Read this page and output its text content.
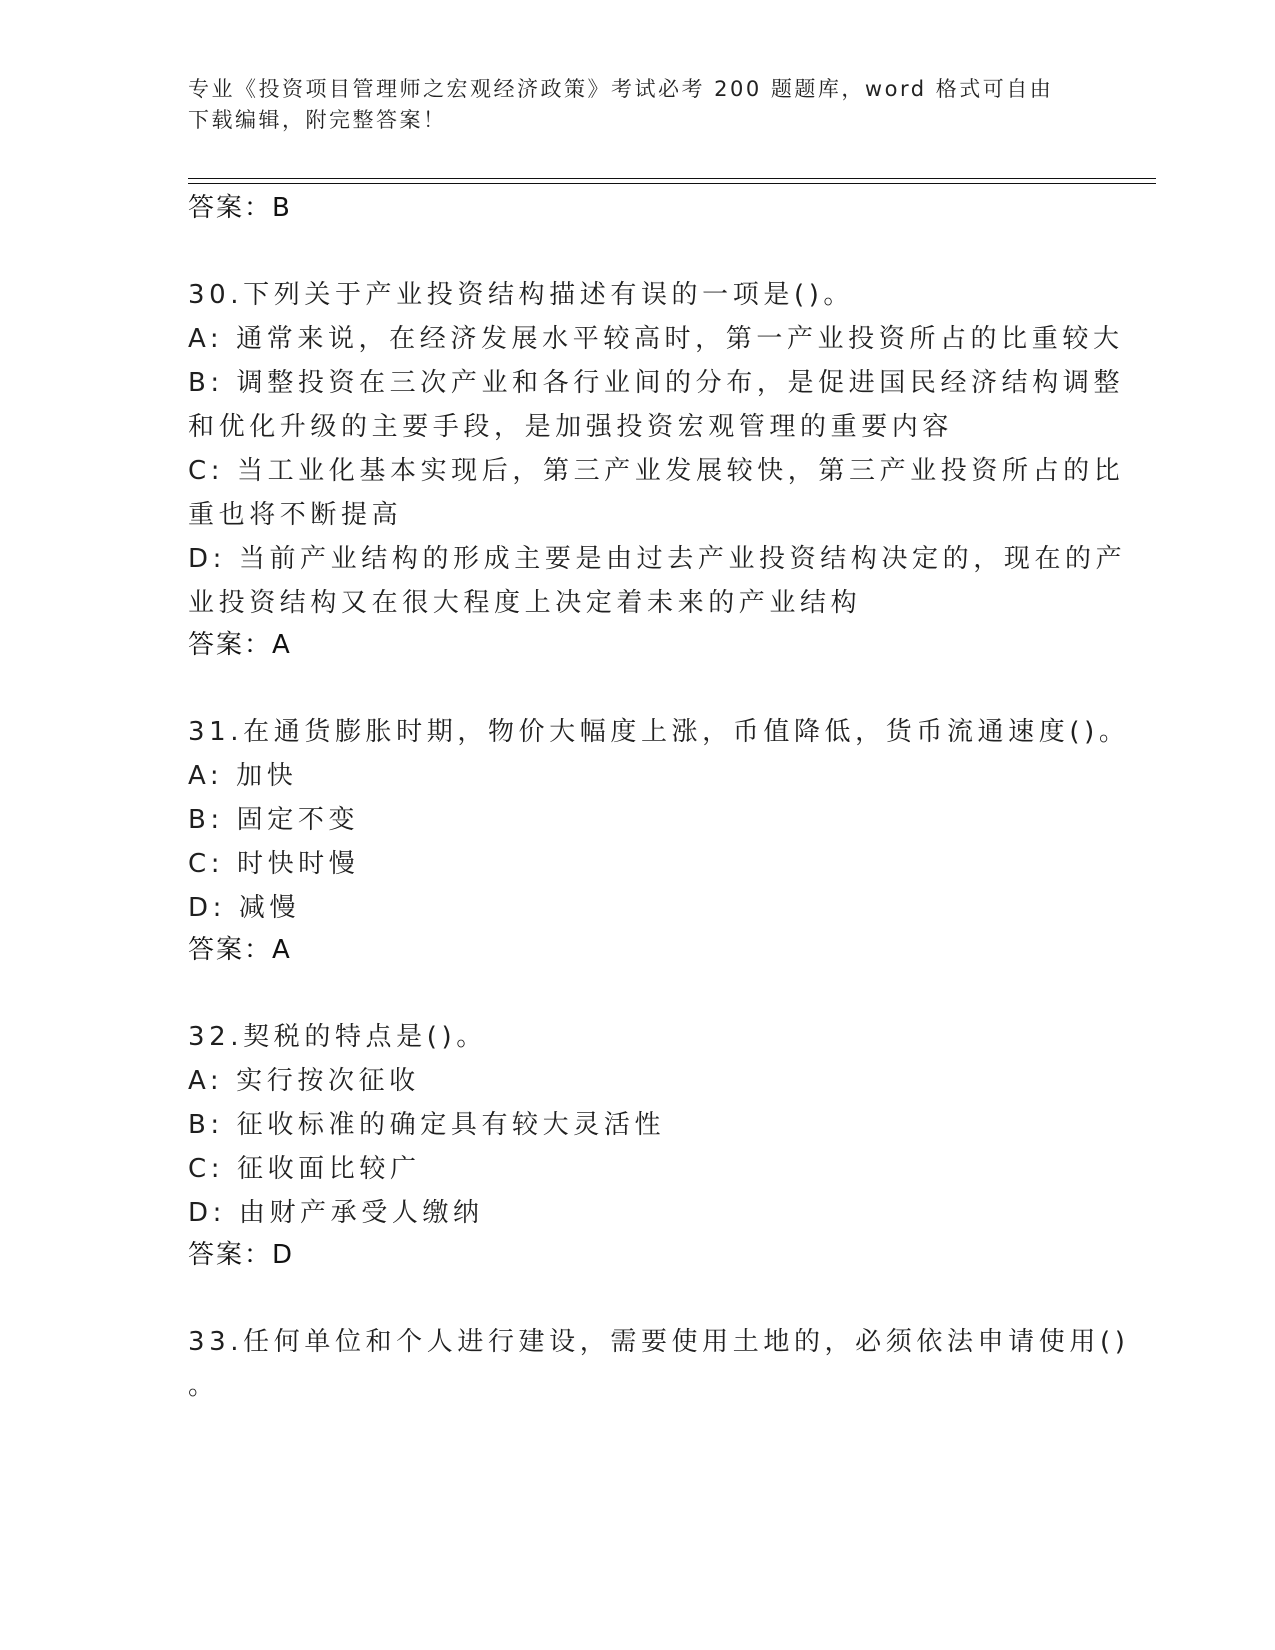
专业《投资项目管理师之宏观经济政策》考试必考 200 题题库，word 格式可自由
下载编辑，附完整答案！
答案：B
30.下列关于产业投资结构描述有误的一项是()。
A: 通常来说，在经济发展水平较高时，第一产业投资所占的比重较大
B: 调整投资在三次产业和各行业间的分布，是促进国民经济结构调整
和优化升级的主要手段，是加强投资宏观管理的重要内容
C: 当工业化基本实现后，第三产业发展较快，第三产业投资所占的比
重也将不断提高
D: 当前产业结构的形成主要是由过去产业投资结构决定的，现在的产
业投资结构又在很大程度上决定着未来的产业结构
答案：A
31.在通货膨胀时期，物价大幅度上涨，币值降低，货币流通速度()。
A: 加快
B: 固定不变
C: 时快时慢
D: 减慢
答案：A
32.契税的特点是()。
A: 实行按次征收
B: 征收标准的确定具有较大灵活性
C: 征收面比较广
D: 由财产承受人缴纳
答案：D
33.任何单位和个人进行建设，需要使用土地的，必须依法申请使用()
。
